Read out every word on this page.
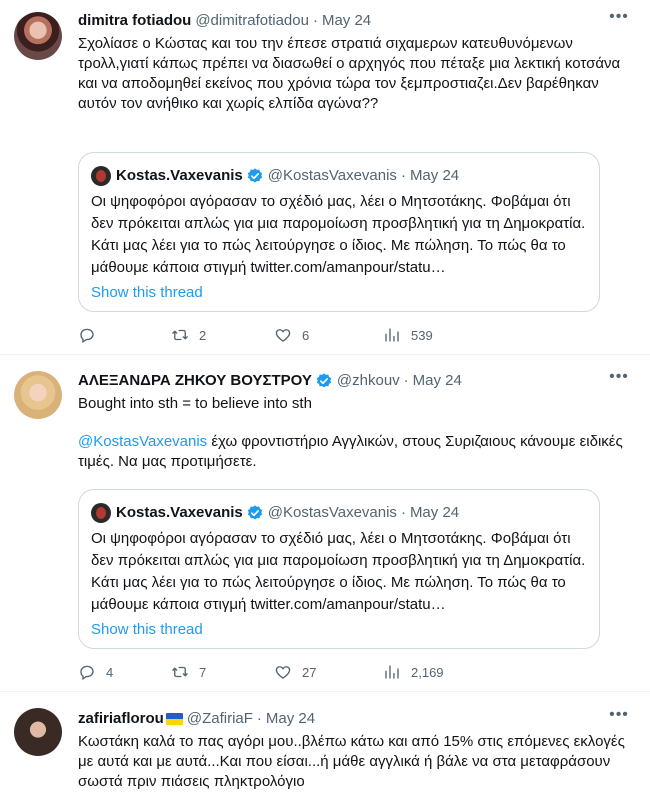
dimitra fotiadou @dimitrafotiadou · May 24	•••
Σχολίασε ο Κώστας και του την έπεσε στρατιά σιχαμερων κατευθυνόμενων τρολλ,γιατί κάπως πρέπει να διασωθεί ο αρχηγός που πέταξε μια λεκτική κοτσάνα και να αποδομηθεί εκείνος που χρόνια τώρα τον ξεμπροστιαζει.Δεν βαρέθηκαν αυτόν τον ανήθικο και χωρίς ελπίδα αγώνα??
Kostas.Vaxevanis @KostasVaxevanis · May 24
Οι ψηφοφόροι αγόρασαν το σχέδιό μας, λέει ο Μητσοτάκης. Φοβάμαι ότι δεν πρόκειται απλώς για μια παρομοίωση προσβλητική για τη Δημοκρατία. Κάτι μας λέει για το πώς λειτούργησε ο ίδιος. Με πώληση. Το πώς θα το μάθουμε κάποια στιγμή twitter.com/amanpour/statu…
Show this thread
2	6	539
ΑΛΕΞΑΝΔΡΑ ΖΗΚΟΥ ΒΟΥΣΤΡΟΥ @zhkouv · May 24	•••
Bought into sth = to believe into sth
@KostasVaxevanis έχω φροντιστήριο Αγγλικών, στους Συριζαιους κάνουμε ειδικές τιμές. Να μας προτιμήσετε.
Kostas.Vaxevanis @KostasVaxevanis · May 24
Οι ψηφοφόροι αγόρασαν το σχέδιό μας, λέει ο Μητσοτάκης. Φοβάμαι ότι δεν πρόκειται απλώς για μια παρομοίωση προσβλητική για τη Δημοκρατία. Κάτι μας λέει για το πώς λειτούργησε ο ίδιος. Με πώληση. Το πώς θα το μάθουμε κάποια στιγμή twitter.com/amanpour/statu…
Show this thread
4	7	27	2,169
zafiriaflorou @ZafiriaF · May 24	•••
Κωστάκη καλά το πας αγόρι μου..βλέπω κάτω και από 15% στις επόμενες εκλογές με αυτά και με αυτά...Και που είσαι...ή μάθε αγγλικά ή βάλε να στα μεταφράσουν σωστά πριν πιάσεις πληκτρολόγιο
